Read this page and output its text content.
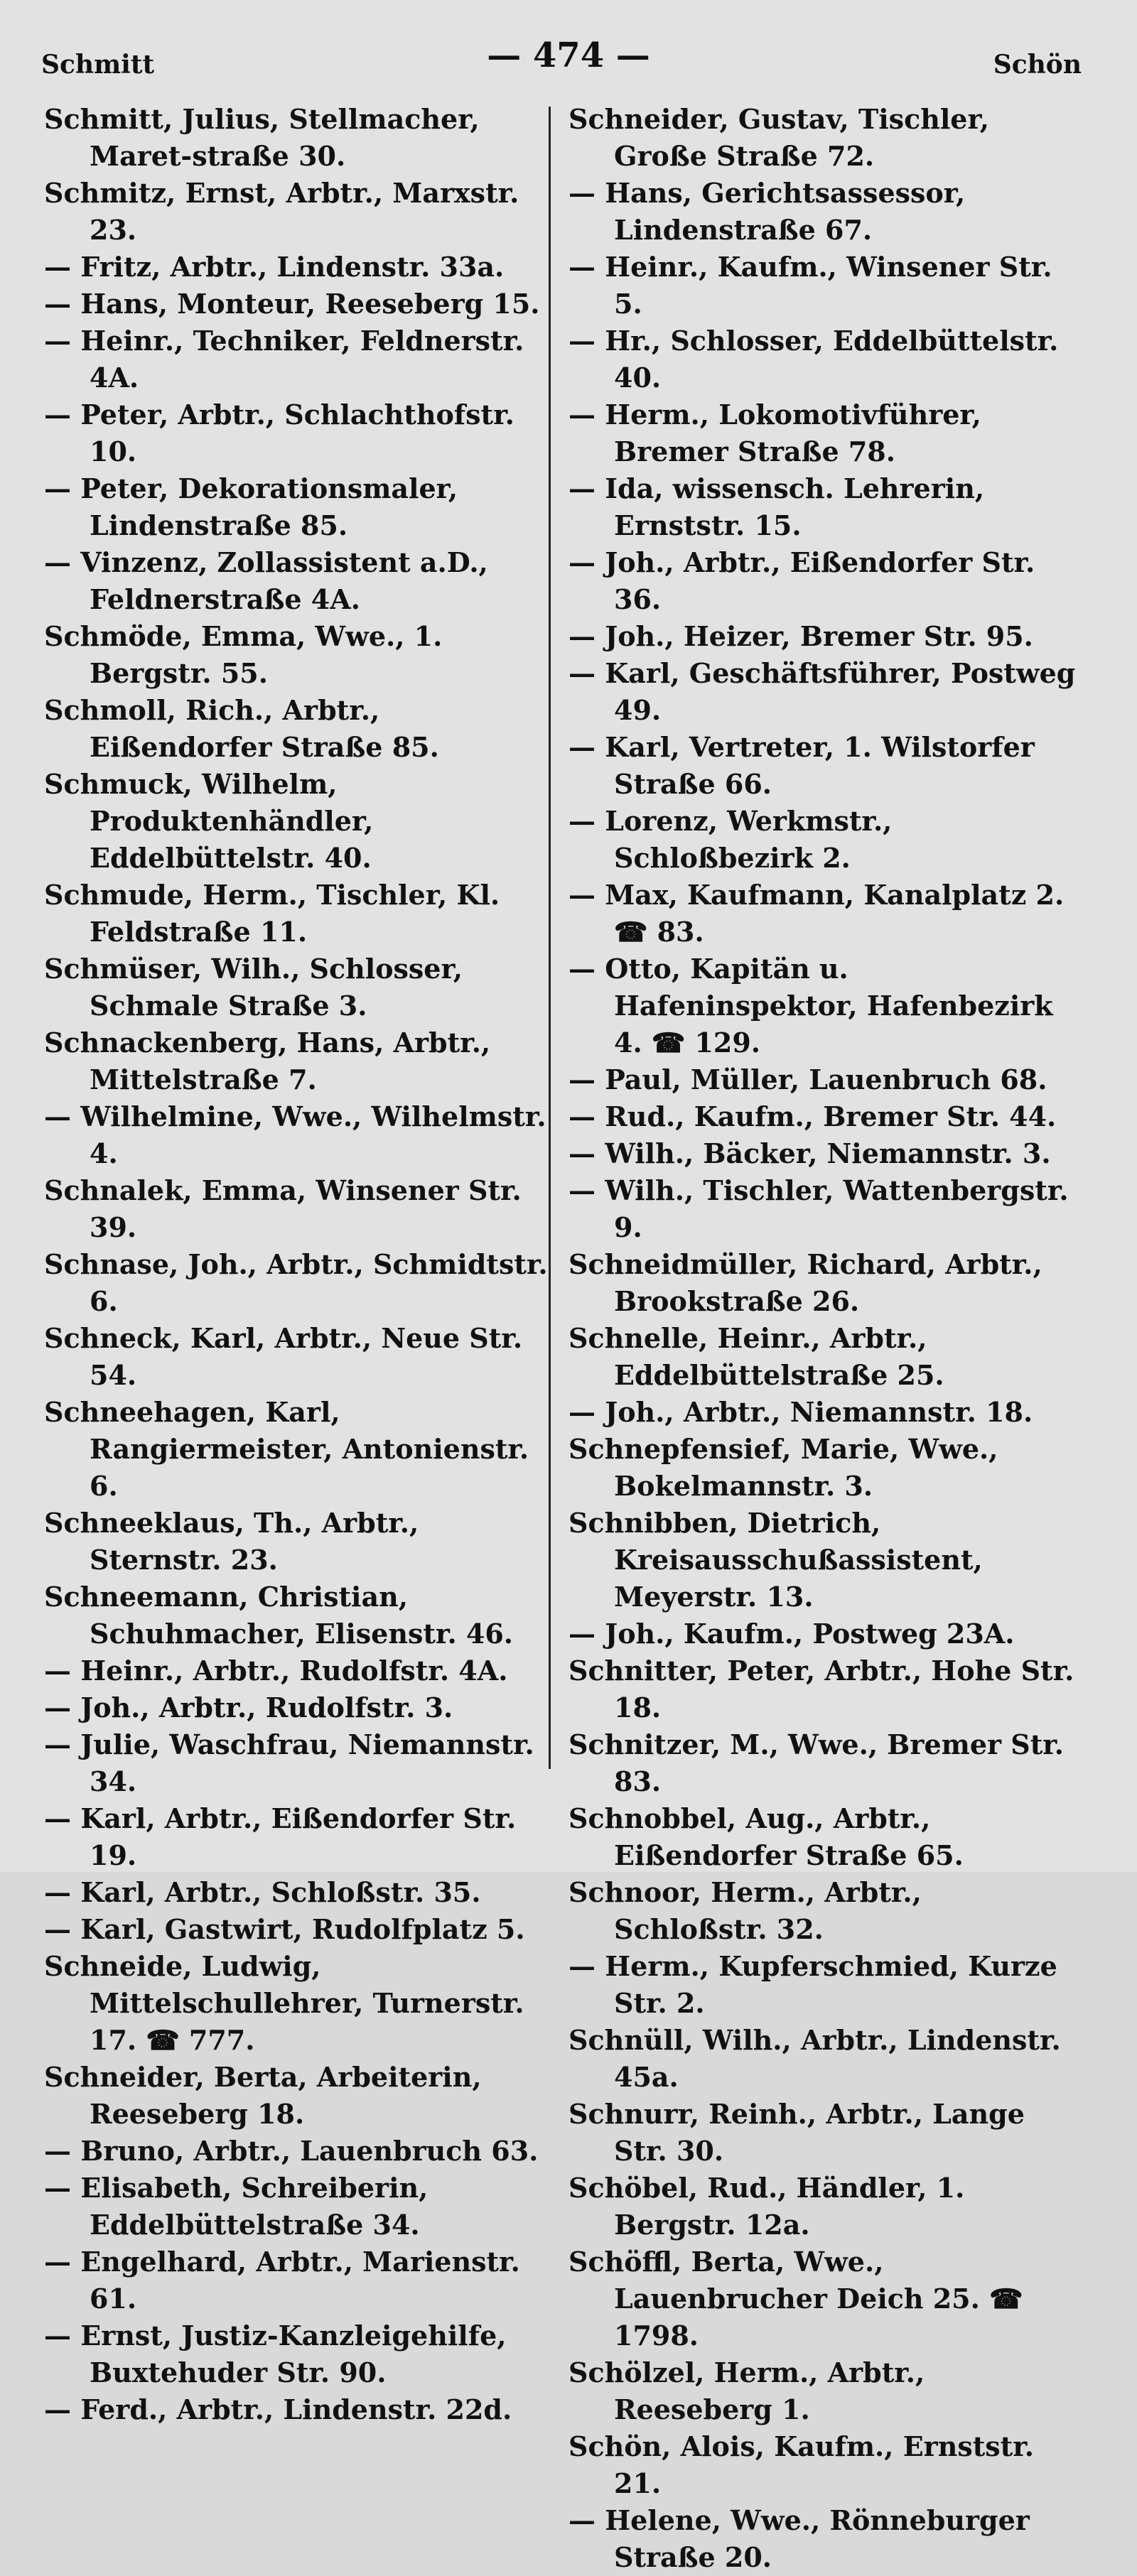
Schmitt	— 474 —	Schön

Schmitt, Julius, Stellmacher, Maret-straße 30.

Schmitz, Ernst, Arbtr., Marxstr. 23.

— Fritz, Arbtr., Lindenstr. 33a.

— Hans, Monteur, Reeseberg 15.

— Heinr., Techniker, Feldnerstr. 4A.

— Peter, Arbtr., Schlachthofstr. 10.

— Peter, Dekorationsmaler, Lindenstraße 85.

— Vinzenz, Zollassistent a.D., Feldnerstraße 4A.

Schmöde, Emma, Wwe., 1. Bergstr. 55.

Schmoll, Rich., Arbtr., Eißendorfer Straße 85.

Schmuck, Wilhelm, Produktenhändler, Eddelbüttelstr. 40.

Schmude, Herm., Tischler, Kl. Feldstraße 11.

Schmüser, Wilh., Schlosser, Schmale Straße 3.

Schnackenberg, Hans, Arbtr., Mittelstraße 7.

— Wilhelmine, Wwe., Wilhelmstr. 4.

Schnalek, Emma, Winsener Str. 39.

Schnase, Joh., Arbtr., Schmidtstr. 6.

Schneck, Karl, Arbtr., Neue Str. 54.

Schneehagen, Karl, Rangiermeister, Antonienstr. 6.

Schneeklaus, Th., Arbtr., Sternstr. 23.

Schneemann, Christian, Schuhmacher, Elisenstr. 46.

— Heinr., Arbtr., Rudolfstr. 4A.

— Joh., Arbtr., Rudolfstr. 3.

— Julie, Waschfrau, Niemannstr. 34.

— Karl, Arbtr., Eißendorfer Str. 19.

— Karl, Arbtr., Schloßstr. 35.

— Karl, Gastwirt, Rudolfplatz 5.

Schneide, Ludwig, Mittelschullehrer, Turnerstr. 17. ☎ 777.

Schneider, Berta, Arbeiterin, Reeseberg 18.

— Bruno, Arbtr., Lauenbruch 63.

— Elisabeth, Schreiberin, Eddelbüttelstraße 34.

— Engelhard, Arbtr., Marienstr. 61.

— Ernst, Justiz-Kanzleigehilfe, Buxtehuder Str. 90.

— Ferd., Arbtr., Lindenstr. 22d.

Schneider, Gustav, Tischler, Große Straße 72.

— Hans, Gerichtsassessor, Lindenstraße 67.

— Heinr., Kaufm., Winsener Str. 5.

— Hr., Schlosser, Eddelbüttelstr. 40.

— Herm., Lokomotivführer, Bremer Straße 78.

— Ida, wissensch. Lehrerin, Ernststr. 15.

— Joh., Arbtr., Eißendorfer Str. 36.

— Joh., Heizer, Bremer Str. 95.

— Karl, Geschäftsführer, Postweg 49.

— Karl, Vertreter, 1. Wilstorfer Straße 66.

— Lorenz, Werkmstr., Schloßbezirk 2.

— Max, Kaufmann, Kanalplatz 2. ☎ 83.

— Otto, Kapitän u. Hafeninspektor, Hafenbezirk 4. ☎ 129.

— Paul, Müller, Lauenbruch 68.

— Rud., Kaufm., Bremer Str. 44.

— Wilh., Bäcker, Niemannstr. 3.

— Wilh., Tischler, Wattenbergstr. 9.

Schneidmüller, Richard, Arbtr., Brookstraße 26.

Schnelle, Heinr., Arbtr., Eddelbüttelstraße 25.

— Joh., Arbtr., Niemannstr. 18.

Schnepfensief, Marie, Wwe., Bokelmannstr. 3.

Schnibben, Dietrich, Kreisausschußassistent, Meyerstr. 13.

— Joh., Kaufm., Postweg 23A.

Schnitter, Peter, Arbtr., Hohe Str. 18.

Schnitzer, M., Wwe., Bremer Str. 83.

Schnobbel, Aug., Arbtr., Eißendorfer Straße 65.

Schnoor, Herm., Arbtr., Schloßstr. 32.

— Herm., Kupferschmied, Kurze Str. 2.

Schnüll, Wilh., Arbtr., Lindenstr. 45a.

Schnurr, Reinh., Arbtr., Lange Str. 30.

Schöbel, Rud., Händler, 1. Bergstr. 12a.

Schöffl, Berta, Wwe., Lauenbrucher Deich 25. ☎ 1798.

Schölzel, Herm., Arbtr., Reeseberg 1.

Schön, Alois, Kaufm., Ernststr. 21.

— Helene, Wwe., Rönneburger Straße 20.
